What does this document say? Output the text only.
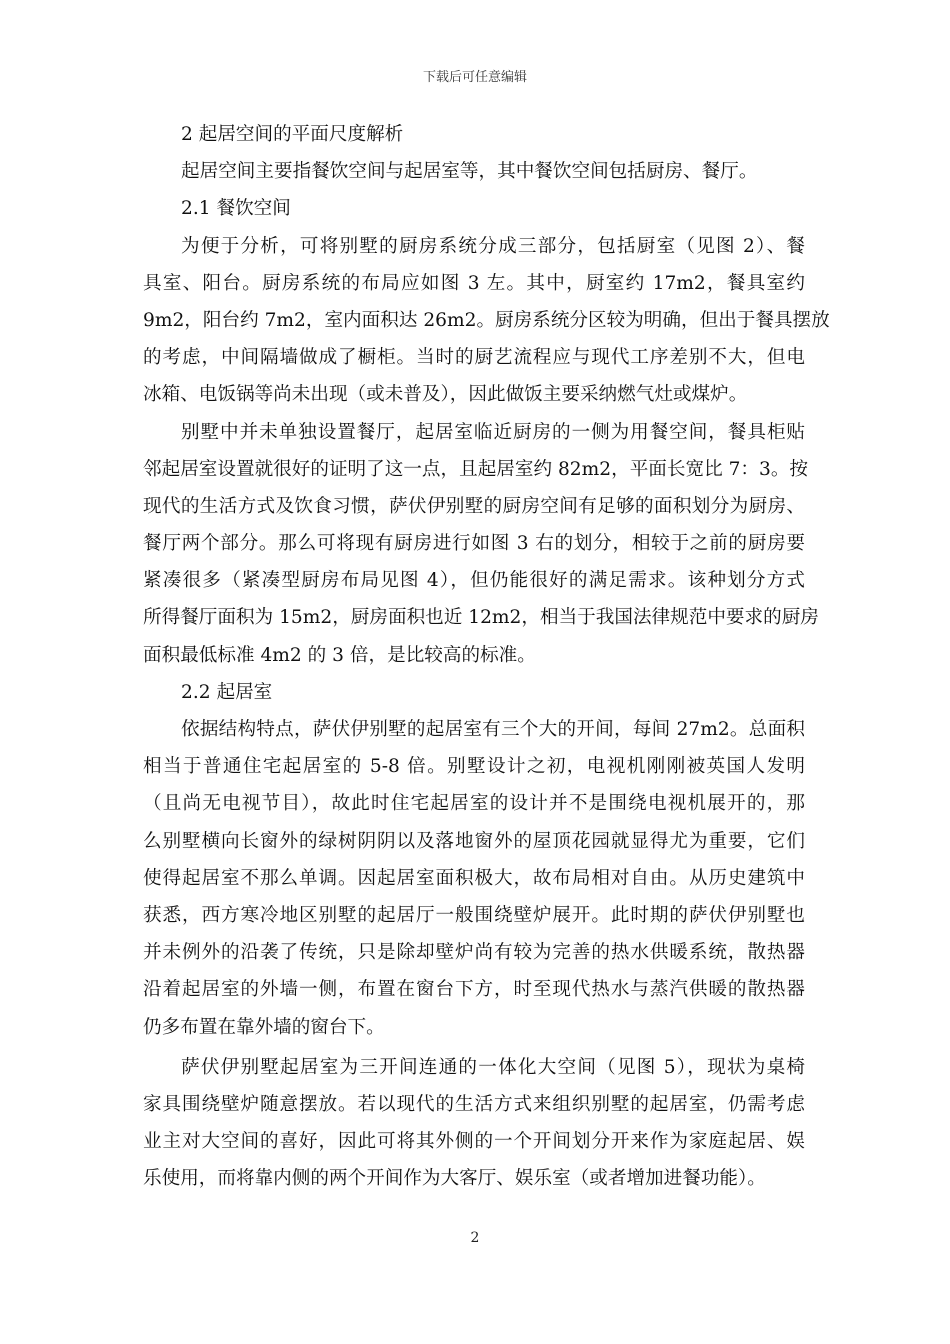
下载后可任意编辑
2 起居空间的平面尺度解析
起居空间主要指餐饮空间与起居室等，其中餐饮空间包括厨房、餐厅。
2.1 餐饮空间
为便于分析，可将别墅的厨房系统分成三部分，包括厨室（见图 2）、餐
具室、阳台。厨房系统的布局应如图 3 左。其中，厨室约 17m2，餐具室约
9m2，阳台约 7m2，室内面积达 26m2。厨房系统分区较为明确，但出于餐具摆放
的考虑，中间隔墙做成了橱柜。当时的厨艺流程应与现代工序差别不大，但电
冰箱、电饭锅等尚未出现（或未普及），因此做饭主要采纳燃气灶或煤炉。
别墅中并未单独设置餐厅，起居室临近厨房的一侧为用餐空间，餐具柜贴
邻起居室设置就很好的证明了这一点，且起居室约 82m2，平面长宽比 7：3。按
现代的生活方式及饮食习惯，萨伏伊别墅的厨房空间有足够的面积划分为厨房、
餐厅两个部分。那么可将现有厨房进行如图 3 右的划分，相较于之前的厨房要
紧凑很多（紧凑型厨房布局见图 4），但仍能很好的满足需求。该种划分方式
所得餐厅面积为 15m2，厨房面积也近 12m2，相当于我国法律规范中要求的厨房
面积最低标准 4m2 的 3 倍，是比较高的标准。
2.2 起居室
依据结构特点，萨伏伊别墅的起居室有三个大的开间，每间 27m2。总面积
相当于普通住宅起居室的 5-8 倍。别墅设计之初，电视机刚刚被英国人发明
（且尚无电视节目），故此时住宅起居室的设计并不是围绕电视机展开的，那
么别墅横向长窗外的绿树阴阴以及落地窗外的屋顶花园就显得尤为重要，它们
使得起居室不那么单调。因起居室面积极大，故布局相对自由。从历史建筑中
获悉，西方寒冷地区别墅的起居厅一般围绕壁炉展开。此时期的萨伏伊别墅也
并未例外的沿袭了传统，只是除却壁炉尚有较为完善的热水供暖系统，散热器
沿着起居室的外墙一侧，布置在窗台下方，时至现代热水与蒸汽供暖的散热器
仍多布置在靠外墙的窗台下。
萨伏伊别墅起居室为三开间连通的一体化大空间（见图 5），现状为桌椅
家具围绕壁炉随意摆放。若以现代的生活方式来组织别墅的起居室，仍需考虑
业主对大空间的喜好，因此可将其外侧的一个开间划分开来作为家庭起居、娱
乐使用，而将靠内侧的两个开间作为大客厅、娱乐室（或者增加进餐功能）。
2
